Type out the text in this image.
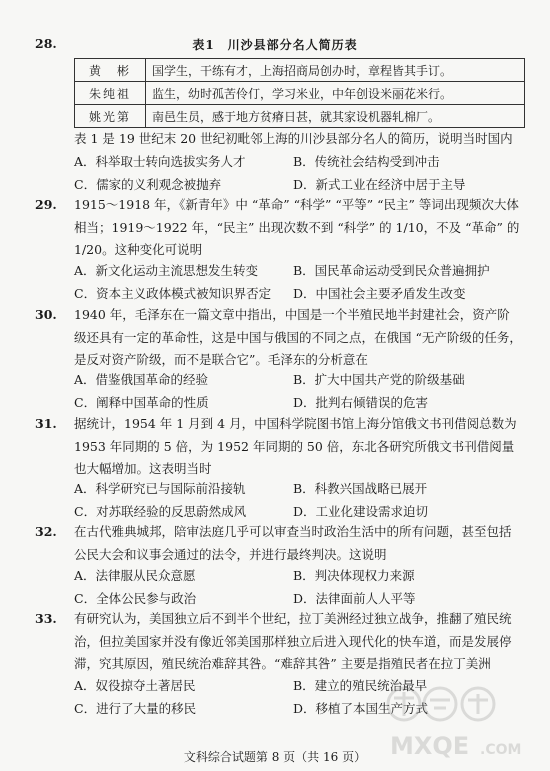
28.	表1　川沙县部分名人简历表
黄　彬	国学生，干练有才，上海招商局创办时，章程皆其手订。
朱纯祖	监生，幼时孤苦伶仃，学习米业，中年创设米丽花米行。
姚光第	南邑生员，感于地方贫瘠日甚，就其家设机器轧棉厂。
表 1 是 19 世纪末 20 世纪初毗邻上海的川沙县部分名人的简历，说明当时国内
A．科举取士转向选拔实务人才	B．传统社会结构受到冲击
C．儒家的义利观念被抛弃	D．新式工业在经济中居于主导
29. 1915～1918 年，《新青年》中 “革命” “科学” “平等” “民主” 等词出现频次大体相当；1919～1922 年，“民主” 出现次数不到 “科学” 的 1/10，不及 “革命” 的 1/20。这种变化可说明
A．新文化运动主流思想发生转变	B．国民革命运动受到民众普遍拥护
C．资本主义政体模式被知识界否定	D．中国社会主要矛盾发生改变
30. 1940 年，毛泽东在一篇文章中指出，中国是一个半殖民地半封建社会，资产阶级还具有一定的革命性，这是中国与俄国的不同之点，在俄国 “无产阶级的任务，是反对资产阶级，而不是联合它”。毛泽东的分析意在
A．借鉴俄国革命的经验	B．扩大中国共产党的阶级基础
C．阐释中国革命的性质	D．批判右倾错误的危害
31. 据统计，1954 年 1 月到 4 月，中国科学院图书馆上海分馆俄文书刊借阅总数为 1953 年同期的 5 倍，为 1952 年同期的 50 倍，东北各研究所俄文书刊借阅量也大幅增加。这表明当时
A．科学研究已与国际前沿接轨	B．科教兴国战略已展开
C．对苏联经验的反思蔚然成风	D．工业化建设需求迫切
32. 在古代雅典城邦，陪审法庭几乎可以审查当时政治生活中的所有问题，甚至包括公民大会和议事会通过的法令，并进行最终判决。这说明
A．法律服从民众意愿	B．判决体现权力来源
C．全体公民参与政治	D．法律面前人人平等
33. 有研究认为，美国独立后不到半个世纪，拉丁美洲经过独立战争，推翻了殖民统治，但拉美国家并没有像近邻美国那样独立后进入现代化的快车道，而是发展停滞，究其原因，殖民统治难辞其咎。“难辞其咎” 主要是指殖民者在拉丁美洲
A．奴役掠夺土著居民	B．建立的殖民统治最早
C．进行了大量的移民	D．移植了本国生产方式
文科综合试题第 8 页（共 16 页） MXQE .COM
